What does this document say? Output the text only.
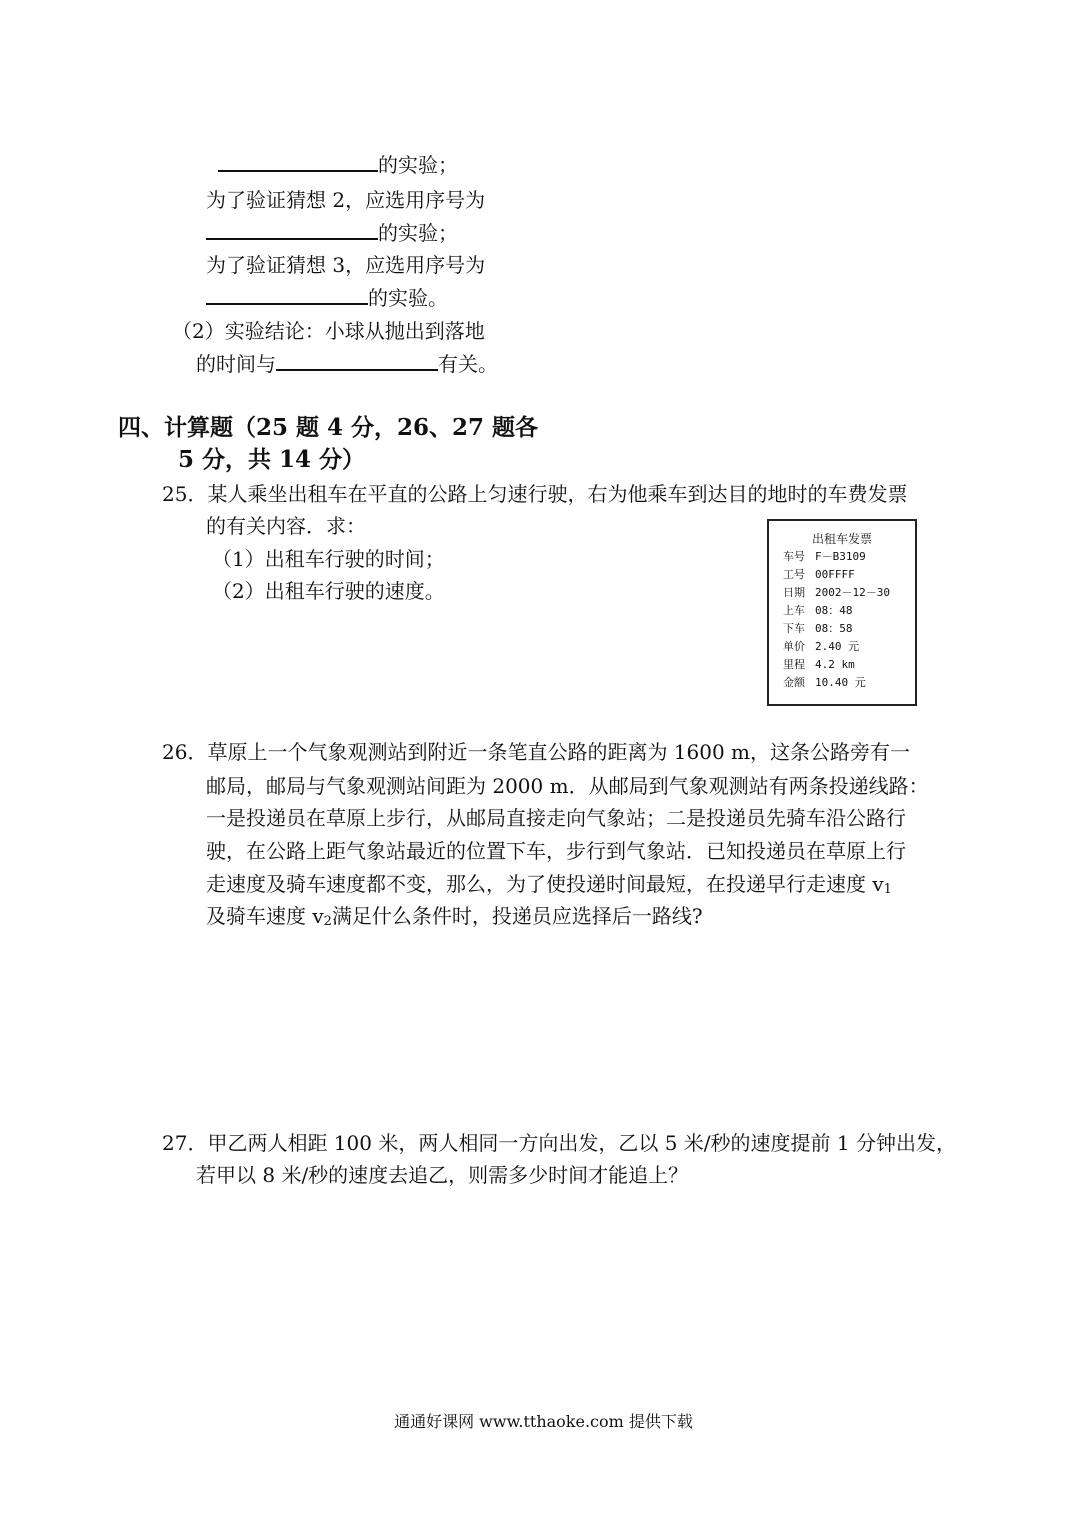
的实验；
为了验证猜想 2，应选用序号为
的实验；
为了验证猜想 3，应选用序号为
的实验。
（2）实验结论：小球从抛出到落地
的时间与	有关。
四、计算题（25 题 4 分，26、27 题各
5 分，共 14 分）
25．某人乘坐出租车在平直的公路上匀速行驶，右为他乘车到达目的地时的车费发票
的有关内容．求：
（1）出租车行驶的时间；
（2）出租车行驶的速度。
出租车发票
车号 F－B3109
工号 00FFFF
日期 2002－12－30
上车 08：48
下车 08：58
单价 2.40 元
里程 4.2 km
金额 10.40 元
26．草原上一个气象观测站到附近一条笔直公路的距离为 1600 m，这条公路旁有一
邮局，邮局与气象观测站间距为 2000 m．从邮局到气象观测站有两条投递线路：
一是投递员在草原上步行，从邮局直接走向气象站；二是投递员先骑车沿公路行
驶，在公路上距气象站最近的位置下车，步行到气象站．已知投递员在草原上行
走速度及骑车速度都不变，那么，为了使投递时间最短，在投递早行走速度 v1
及骑车速度 v2满足什么条件时，投递员应选择后一路线?
27．甲乙两人相距 100 米，两人相同一方向出发，乙以 5 米/秒的速度提前 1 分钟出发，
若甲以 8 米/秒的速度去追乙，则需多少时间才能追上？
通通好课网 www.tthaoke.com 提供下载
